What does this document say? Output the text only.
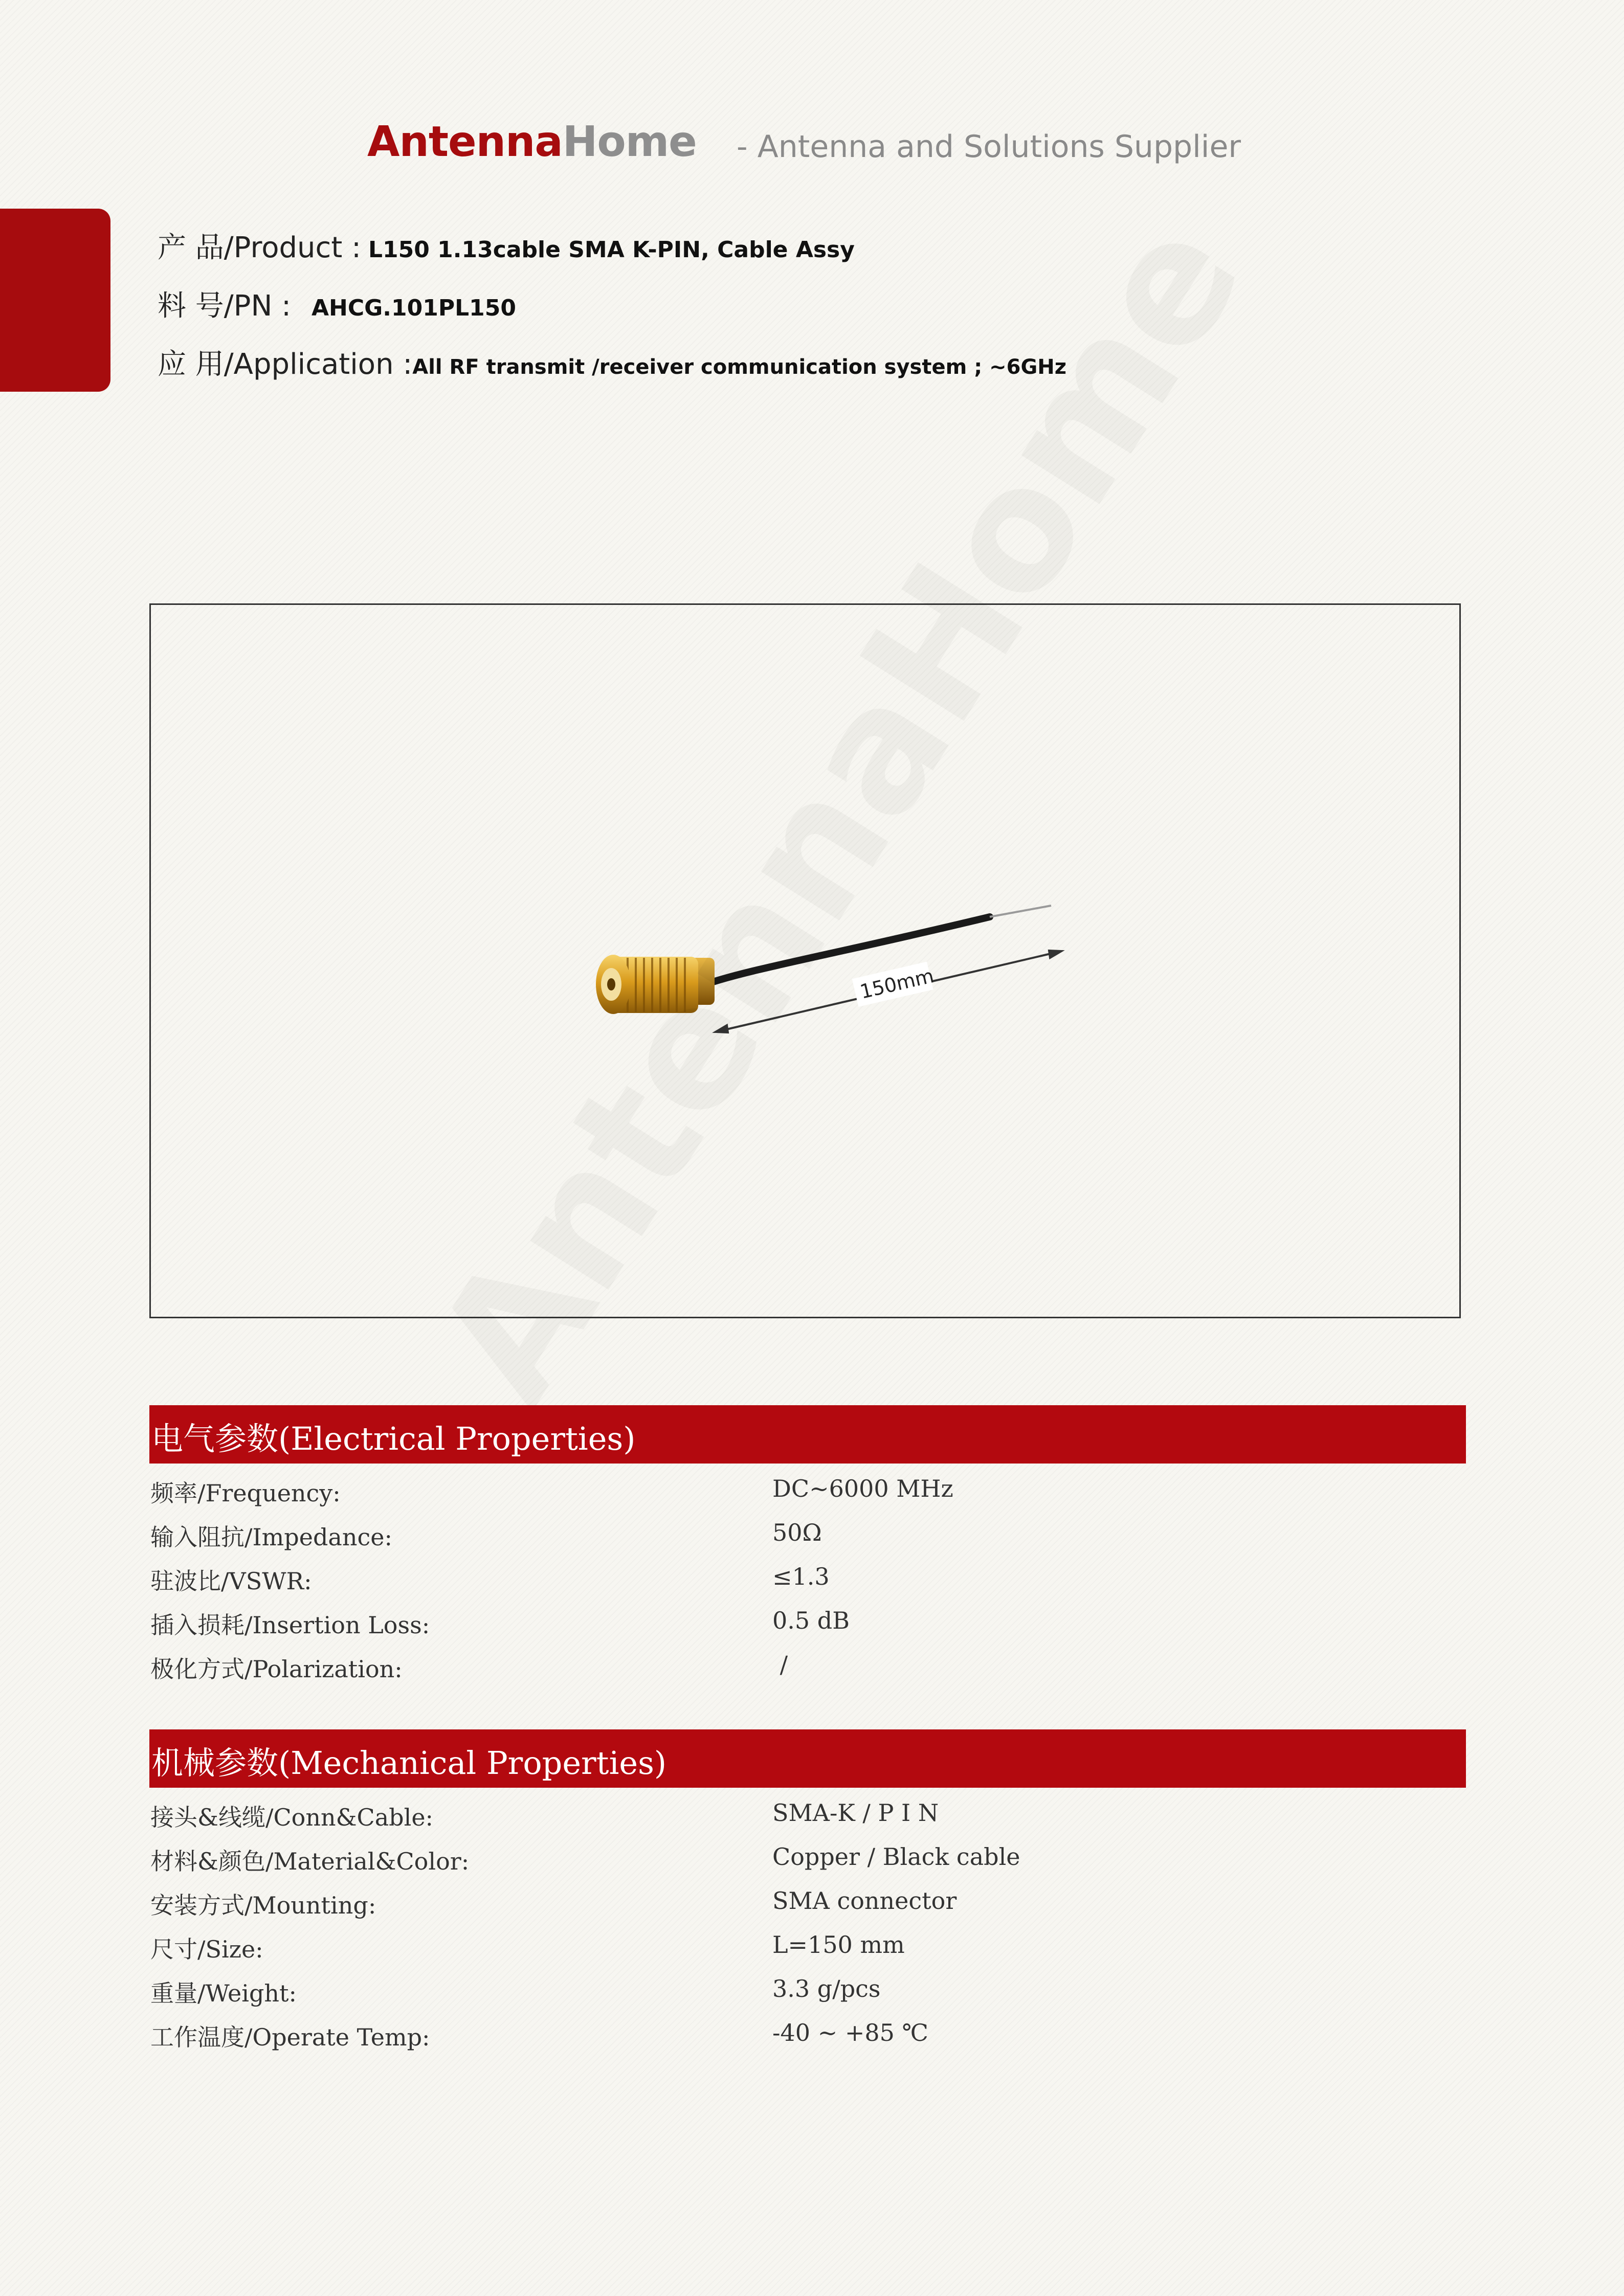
AntennaHome - Antenna and Solutions Supplier
产 品/Product : L150 1.13cable SMA K-PIN, Cable Assy
料 号/PN : AHCG.101PL150
应 用/Application : All RF transmit /receiver communication system ; ~6GHz
150mm
电气参数(Electrical Properties)
频率/Frequency:	DC~6000 MHz
输入阻抗/Impedance:	50Ω
驻波比/VSWR:	≤1.3
插入损耗/Insertion Loss:	0.5 dB
极化方式/Polarization:	/
机械参数(Mechanical Properties)
接头&线缆/Conn&Cable:	SMA-K / P I N
材料&颜色/Material&Color:	Copper / Black cable
安装方式/Mounting:	SMA connector
尺寸/Size:	L=150 mm
重量/Weight:	3.3 g/pcs
工作温度/Operate Temp:	-40 ~ +85 ℃
